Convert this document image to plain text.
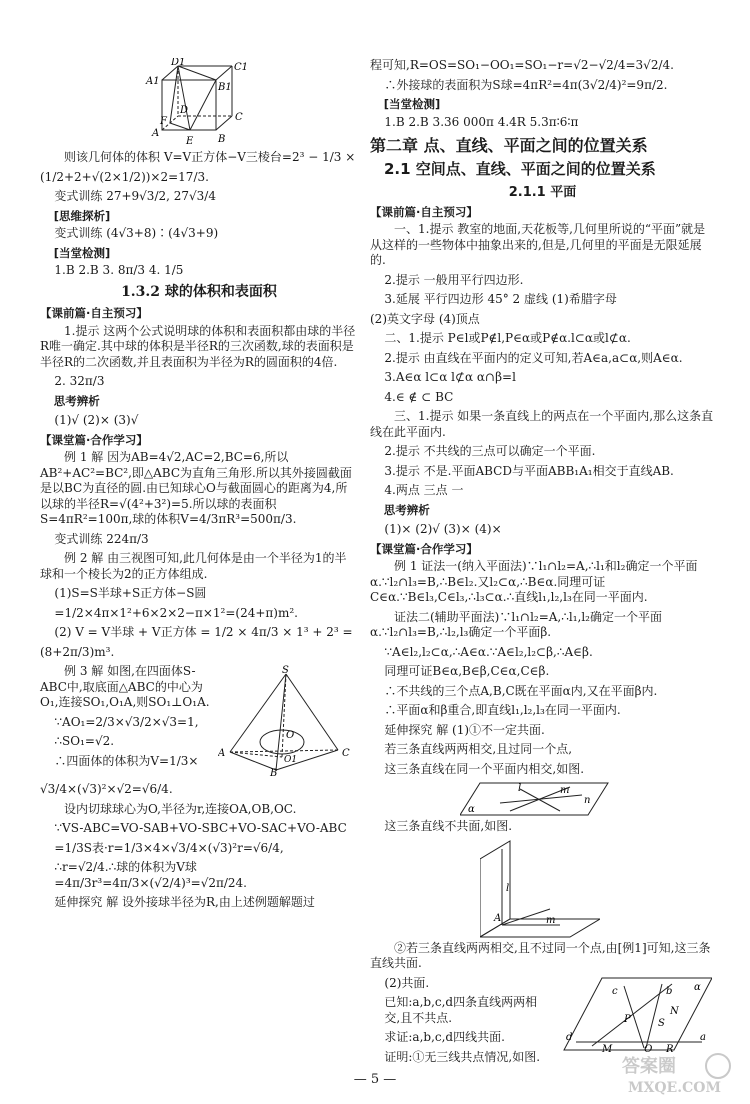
D1	C1
A1
B1
D
F
A
E B
C

则该几何体的体积 V=V正方体−V三棱台=2³ − 1/3 ×

(1/2+2+√(2×1/2))×2=17/3.

变式训练 27+9√3/2, 27√3/4

[思维探析]

变式训练 (4√3+8)∶(4√3+9)

[当堂检测]

1.B 2.B 3. 8π/3 4. 1/5

1.3.2 球的体积和表面积

【课前篇·自主预习】

1.提示 这两个公式说明球的体积和表面积都由球的半径R唯一确定.其中球的体积是半径R的三次函数,球的表面积是半径R的二次函数,并且表面积为半径为R的圆面积的4倍.

2. 32π/3

思考辨析

(1)√ (2)× (3)√

【课堂篇·合作学习】

例 1 解 因为AB=4√2,AC=2,BC=6,所以AB²+AC²=BC²,即△ABC为直角三角形.所以其外接圆截面是以BC为直径的圆.由已知球心O与截面圆心的距离为4,所以球的半径R=√(4²+3²)=5.所以球的表面积S=4πR²=100π,球的体积V=4/3πR³=500π/3.

变式训练 224π/3

例 2 解 由三视图可知,此几何体是由一个半径为1的半球和一个棱长为2的正方体组成.

(1)S=S半球+S正方体−S圆

=1/2×4π×1²+6×2×2−π×1²=(24+π)m².

(2) V = V半球 + V正方体 = 1/2 × 4π/3 × 1³ + 2³ =

(8+2π/3)m³.

例 3 解 如图,在四面体S-ABC中,取底面△ABC的中心为O₁,连接SO₁,O₁A,则SO₁⊥O₁A.

∵AO₁=2/3×√3/2×√3=1,

∴SO₁=√2.

∴四面体的体积为V=1/3×

S
O
A
O1
B
C

√3/4×(√3)²×√2=√6/4.

设内切球球心为O,半径为r,连接OA,OB,OC.

∵VS-ABC=VO-SAB+VO-SBC+VO-SAC+VO-ABC

=1/3S表·r=1/3×4×√3/4×(√3)²r=√6/4,

∴r=√2/4.∴球的体积为V球=4π/3r³=4π/3×(√2/4)³=√2π/24.

延伸探究 解 设外接球半径为R,由上述例题解题过

程可知,R=OS=SO₁−OO₁=SO₁−r=√2−√2/4=3√2/4.

∴外接球的表面积为S球=4πR²=4π(3√2/4)²=9π/2.

[当堂检测]

1.B 2.B 3.36 000π 4.4R 5.3π∶6∶π

第二章 点、直线、平面之间的位置关系
2.1 空间点、直线、平面之间的位置关系
2.1.1 平面

【课前篇·自主预习】

一、1.提示 教室的地面,天花板等,几何里所说的“平面”就是从这样的一些物体中抽象出来的,但是,几何里的平面是无限延展的.

2.提示 一般用平行四边形.

3.延展 平行四边形 45° 2 虚线 (1)希腊字母

(2)英文字母 (4)顶点

二、1.提示 P∈l或P∉l,P∈α或P∉α.l⊂α或l⊄α.

2.提示 由直线在平面内的定义可知,若A∈a,a⊂α,则A∈α.

3.A∈α l⊂α l⊄α α∩β=l

4.∈ ∉ ⊂ BC

三、1.提示 如果一条直线上的两点在一个平面内,那么这条直线在此平面内.

2.提示 不共线的三点可以确定一个平面.

3.提示 不是.平面ABCD与平面ABB₁A₁相交于直线AB.

4.两点 三点 一

思考辨析

(1)× (2)√ (3)× (4)×

【课堂篇·合作学习】

例 1 证法一(纳入平面法)∵l₁∩l₂=A,∴l₁和l₂确定一个平面α.∵l₂∩l₃=B,∴B∈l₂.又l₂⊂α,∴B∈α.同理可证C∈α.∵B∈l₃,C∈l₃,∴l₃⊂α.∴直线l₁,l₂,l₃在同一平面内.

证法二(辅助平面法)∵l₁∩l₂=A,∴l₁,l₂确定一个平面α.∵l₂∩l₃=B,∴l₂,l₃确定一个平面β.

∵A∈l₂,l₂⊂α,∴A∈α.∵A∈l₂,l₂⊂β,∴A∈β.

同理可证B∈α,B∈β,C∈α,C∈β.

∴不共线的三个点A,B,C既在平面α内,又在平面β内.

∴平面α和β重合,即直线l₁,l₂,l₃在同一平面内.

延伸探究 解 (1)①不一定共面.

若三条直线两两相交,且过同一个点,

这三条直线在同一个平面内相交,如图.

l	m
α
n

这三条直线不共面,如图.

l
A	m

②若三条直线两两相交,且不过同一个点,由[例1]可知,这三条直线共面.

(2)共面.

已知:a,b,c,d四条直线两两相交,且不共点.

求证:a,b,c,d四线共面.

证明:①无三线共点情况,如图.

c	b α
P
N
S
d
M	Q R
a
— 5 —
答案圈
MXQE.COM
